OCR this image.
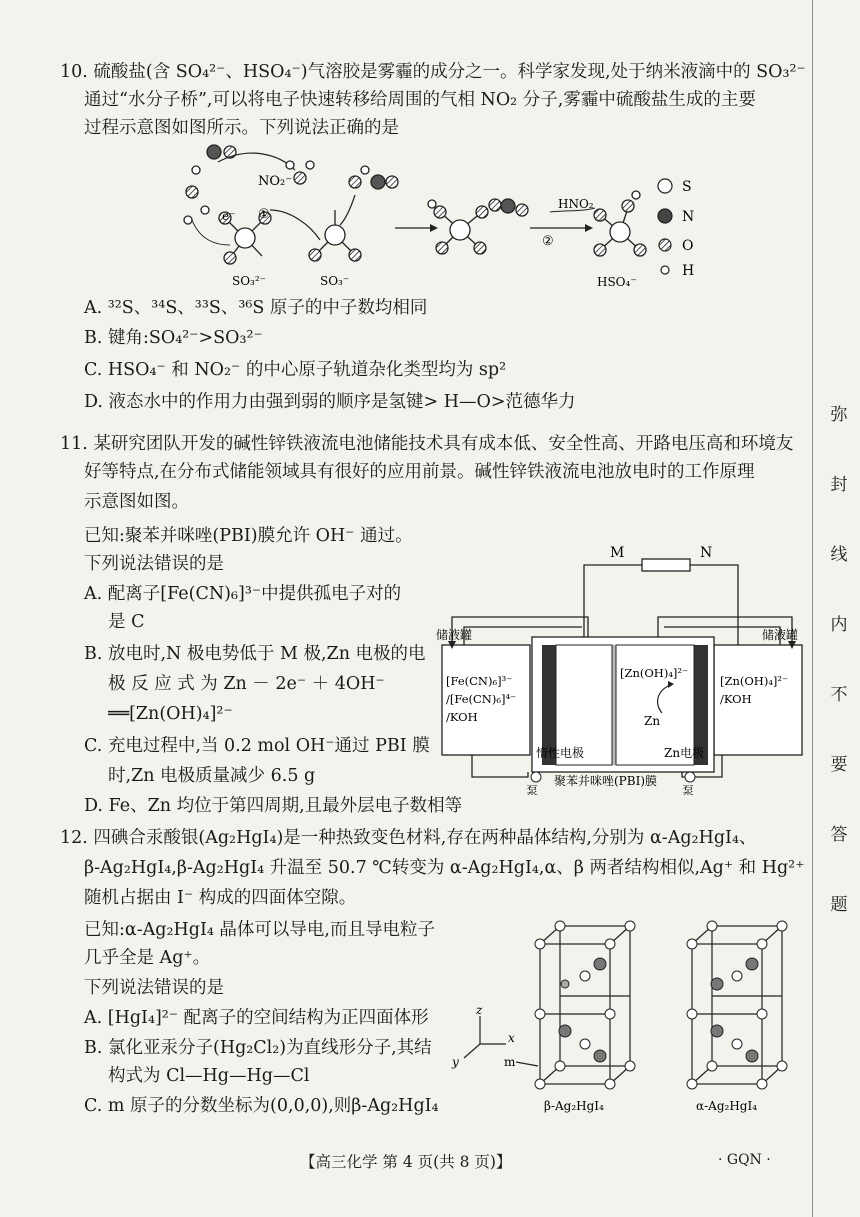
10. 硫酸盐(含 SO₄²⁻、HSO₄⁻)气溶胶是雾霾的成分之一。科学家发现,处于纳米液滴中的 SO₃²⁻
通过“水分子桥”,可以将电子快速转移给周围的气相 NO₂ 分子,雾霾中硫酸盐生成的主要
过程示意图如图所示。下列说法正确的是
NO₂⁻
e⁻ ①
SO₃²⁻	SO₃⁻
HNO₂
②
HSO₄⁻
S
N
O
H
A. ³²S、³⁴S、³³S、³⁶S 原子的中子数均相同
B. 键角:SO₄²⁻>SO₃²⁻
C. HSO₄⁻ 和 NO₂⁻ 的中心原子轨道杂化类型均为 sp²
D. 液态水中的作用力由强到弱的顺序是氢键> H—O>范德华力
11. 某研究团队开发的碱性锌铁液流电池储能技术具有成本低、安全性高、开路电压高和环境友
好等特点,在分布式储能领域具有很好的应用前景。碱性锌铁液流电池放电时的工作原理
示意图如图。
已知:聚苯并咪唑(PBI)膜允许 OH⁻ 通过。
下列说法错误的是
A. 配离子[Fe(CN)₆]³⁻中提供孤电子对的
是 C
B. 放电时,N 极电势低于 M 极,Zn 电极的电
极 反 应 式 为 Zn － 2e⁻ ＋ 4OH⁻
══[Zn(OH)₄]²⁻
C. 充电过程中,当 0.2 mol OH⁻通过 PBI 膜
时,Zn 电极质量减少 6.5 g
D. Fe、Zn 均位于第四周期,且最外层电子数相等
M	N
储液罐	储液罐
[Fe(CN)₆]³⁻
/[Fe(CN)₆]⁴⁻
/KOH
[Zn(OH)₄]²⁻
Zn
[Zn(OH)₄]²⁻
/KOH
惰性电极	Zn电极
泵	泵
聚苯并咪唑(PBI)膜
12. 四碘合汞酸银(Ag₂HgI₄)是一种热致变色材料,存在两种晶体结构,分别为 α-Ag₂HgI₄、
β-Ag₂HgI₄,β-Ag₂HgI₄ 升温至 50.7 ℃转变为 α-Ag₂HgI₄,α、β 两者结构相似,Ag⁺ 和 Hg²⁺
随机占据由 I⁻ 构成的四面体空隙。
已知:α-Ag₂HgI₄ 晶体可以导电,而且导电粒子
几乎全是 Ag⁺。
下列说法错误的是
A. [HgI₄]²⁻ 配离子的空间结构为正四面体形
B. 氯化亚汞分子(Hg₂Cl₂)为直线形分子,其结
构式为 Cl—Hg—Hg—Cl
C. m 原子的分数坐标为(0,0,0),则β-Ag₂HgI₄
z
x
y	m
β-Ag₂HgI₄	α-Ag₂HgI₄
弥
封
线
内
不
要
答
题
【高三化学 第 4 页(共 8 页)】	· GQN ·
